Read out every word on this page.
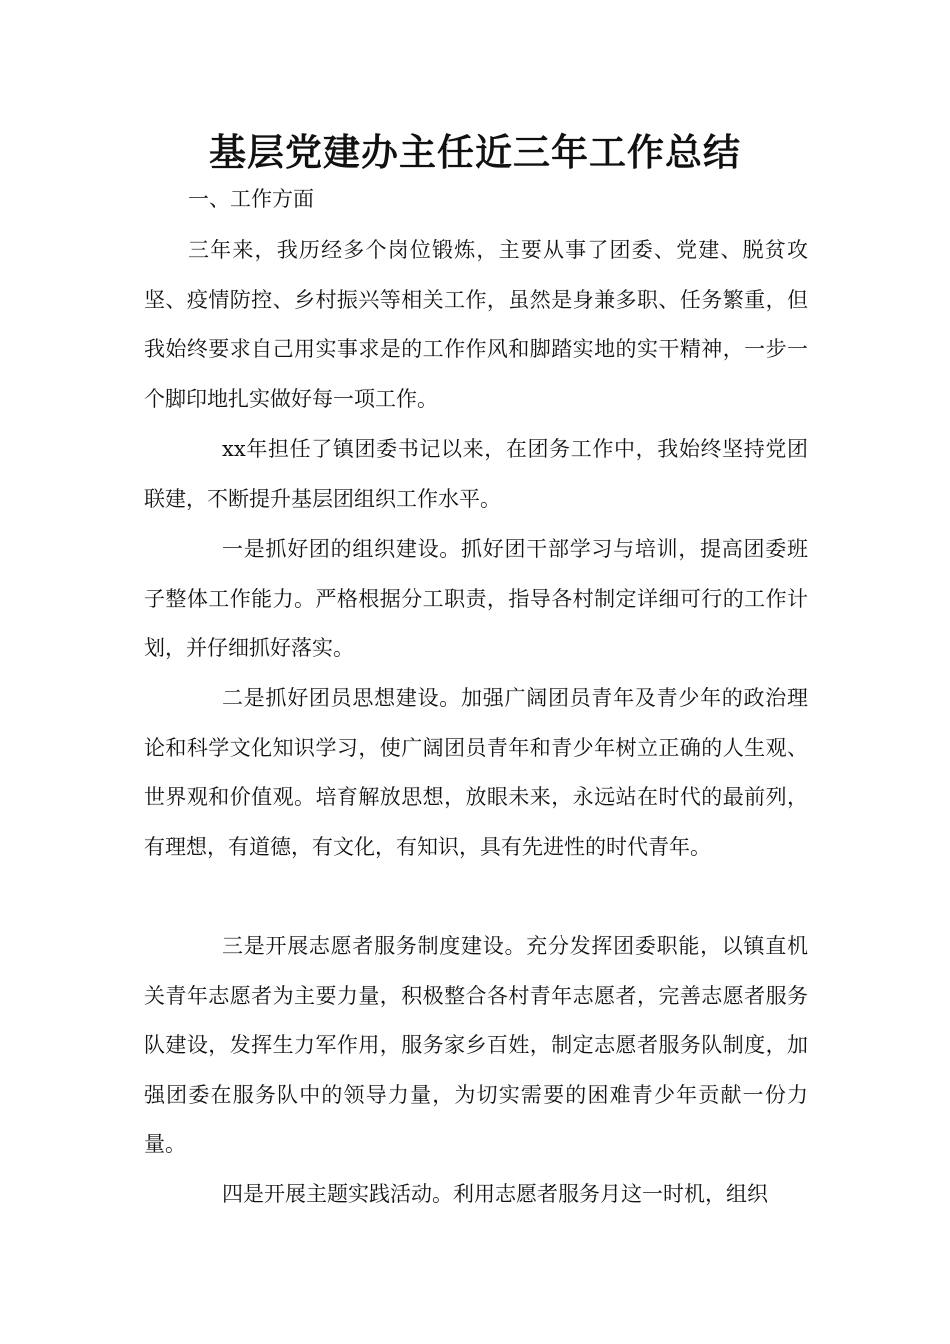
基层党建办主任近三年工作总结

一、工作方面

三年来，我历经多个岗位锻炼，主要从事了团委、党建、脱贫攻坚、疫情防控、乡村振兴等相关工作，虽然是身兼多职、任务繁重，但我始终要求自己用实事求是的工作作风和脚踏实地的实干精神，一步一个脚印地扎实做好每一项工作。

xx年担任了镇团委书记以来，在团务工作中，我始终坚持党团联建，不断提升基层团组织工作水平。

一是抓好团的组织建设。抓好团干部学习与培训，提高团委班子整体工作能力。严格根据分工职责，指导各村制定详细可行的工作计划，并仔细抓好落实。

二是抓好团员思想建设。加强广阔团员青年及青少年的政治理论和科学文化知识学习，使广阔团员青年和青少年树立正确的人生观、世界观和价值观。培育解放思想，放眼未来，永远站在时代的最前列，有理想，有道德，有文化，有知识，具有先进性的时代青年。

三是开展志愿者服务制度建设。充分发挥团委职能，以镇直机关青年志愿者为主要力量，积极整合各村青年志愿者，完善志愿者服务队建设，发挥生力军作用，服务家乡百姓，制定志愿者服务队制度，加强团委在服务队中的领导力量，为切实需要的困难青少年贡献一份力量。

四是开展主题实践活动。利用志愿者服务月这一时机，组织
